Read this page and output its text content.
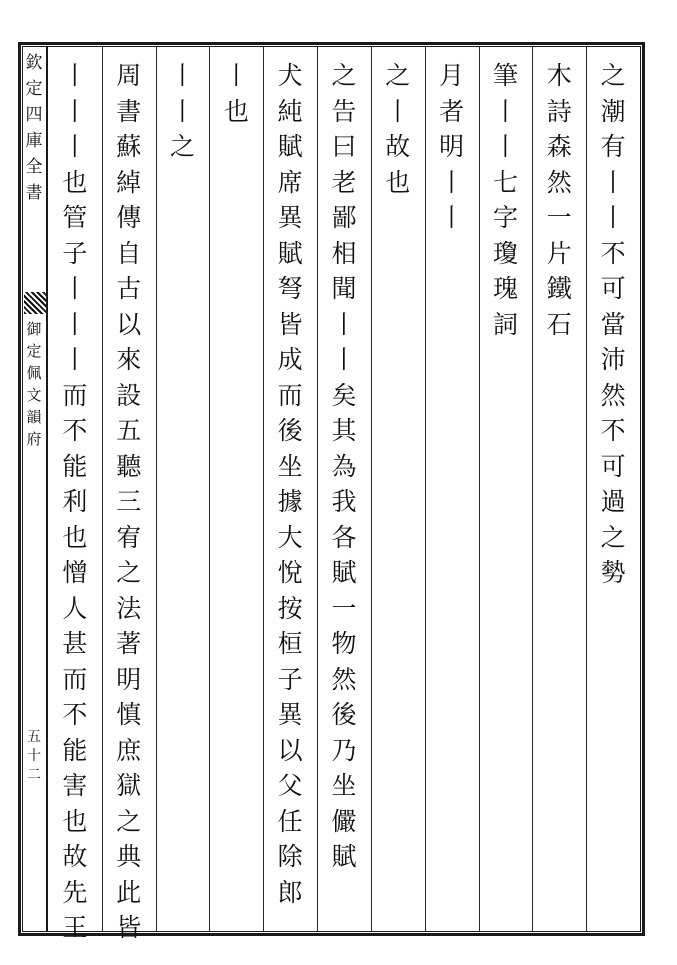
欽定四庫全書
御定佩文韻府
五十二
之潮有丨丨不可當
沛然不可過之勢
木詩森然一片鐵石
筆丨丨七字瓊瑰詞
月者明丨丨
之丨故也
之告曰老鄙相聞丨丨矣其為我各賦一物然後乃坐儼賦
犬純賦席異賦弩皆成而後坐據大悅按桓子異以父任除郎
丨也
丨丨之
周書蘇綽傳自古以來設五聽三宥之法著明慎庶獄之典此皆
丨丨丨也管子丨丨丨而不能利也憎人甚而不能害也故先王
